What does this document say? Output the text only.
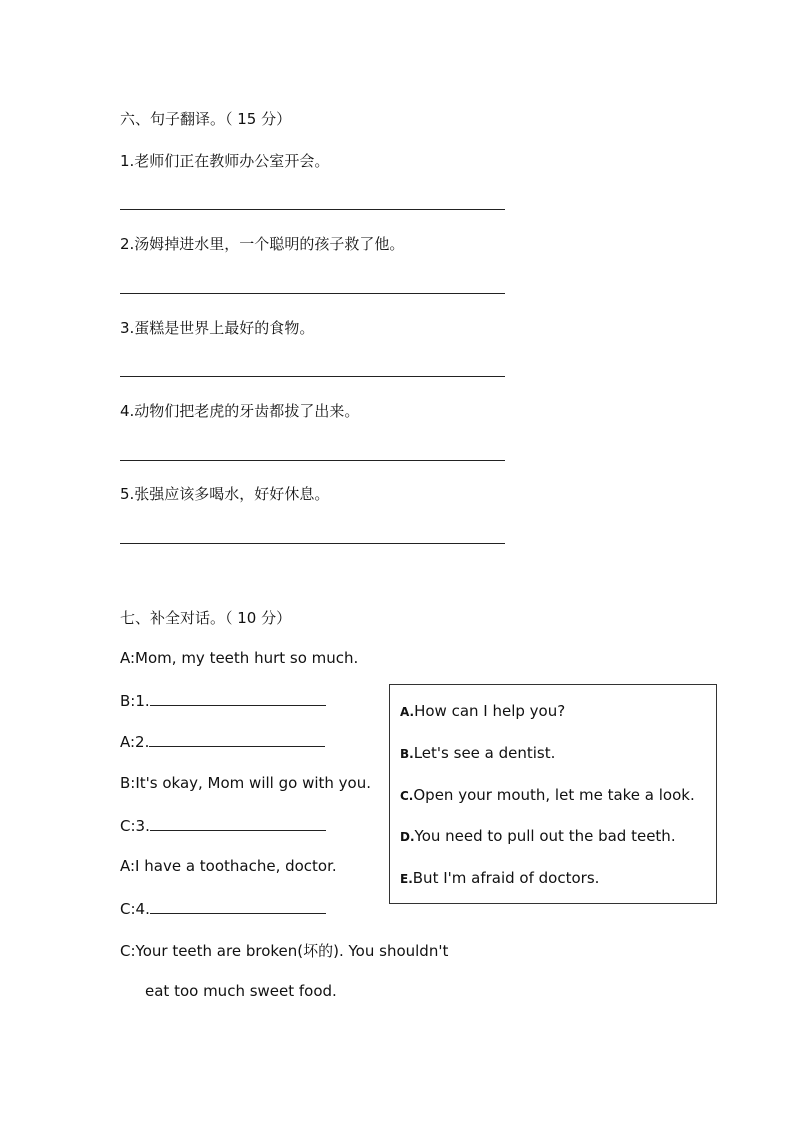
六、句子翻译。（ 15 分）
1.老师们正在教师办公室开会。
2.汤姆掉进水里，一个聪明的孩子救了他。
3.蛋糕是世界上最好的食物。
4.动物们把老虎的牙齿都拔了出来。
5.张强应该多喝水，好好休息。
七、补全对话。（ 10 分）
A:Mom, my teeth hurt so much.
B:1.
A:2.
B:It's okay, Mom will go with you.
C:3.
A:I have a toothache, doctor.
C:4.
C:Your teeth are broken(坏的). You shouldn't
eat too much sweet food.
A.How can I help you?
B.Let's see a dentist.
C.Open your mouth, let me take a look.
D.You need to pull out the bad teeth.
E.But I'm afraid of doctors.
